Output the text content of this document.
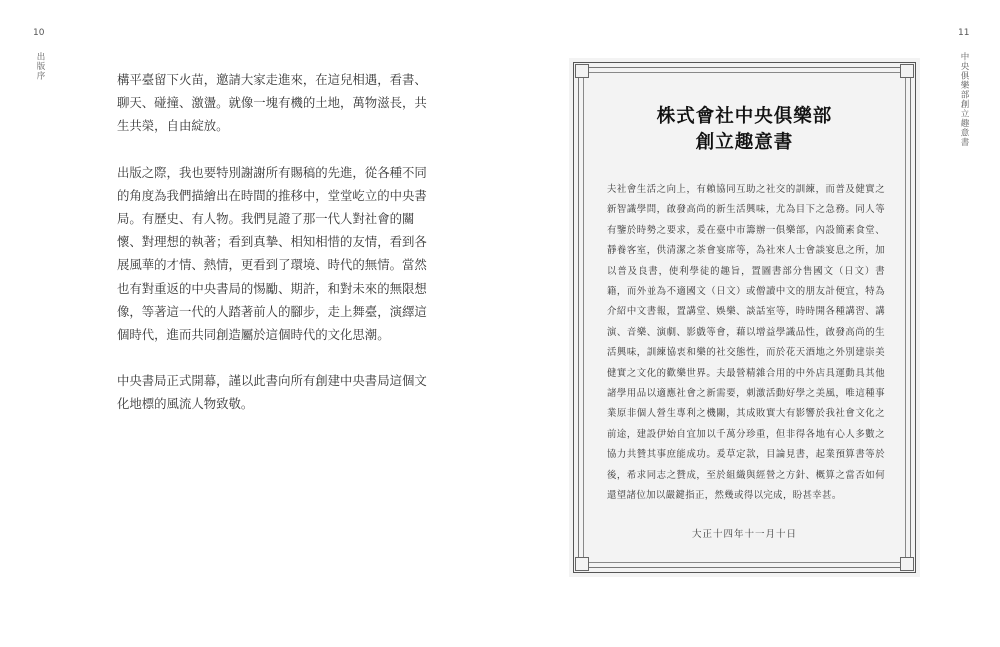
10
出版序	構平臺留下火苗，邀請大家走進來，在這兒相遇，看書、聊天、碰撞、激盪。就像一塊有機的土地，萬物滋長，共生共榮，自由綻放。

出版之際，我也要特別謝謝所有賜稿的先進，從各種不同的角度為我們描繪出在時間的推移中，堂堂屹立的中央書局。有歷史、有人物。我們見證了那一代人對社會的關懷、對理想的執著；看到真摯、相知相惜的友情，看到各展風華的才情、熱情，更看到了環境、時代的無情。當然也有對重返的中央書局的惕勵、期許，和對未來的無限想像，等著這一代的人踏著前人的腳步，走上舞臺，演繹這個時代，進而共同創造屬於這個時代的文化思潮。

中央書局正式開幕，謹以此書向所有創建中央書局這個文化地標的風流人物致敬。

11
中央俱樂部創立趣意書
株式會社中央俱樂部
創立趣意書
夫社會生活之向上，有賴協同互助之社交的訓練，而普及健實之新智識學問，啟發高尚的新生活興味，尤為目下之急務。同人等有鑒於時勢之要求，爰在臺中市籌辦一俱樂部，內設簡素食堂、靜養客室，供清潔之茶會宴席等，為社來人士會談宴息之所，加以普及良書，使利學徒的趣旨，置圖書部分售國文（日文）書籍，而外並為不適國文（日文）或僧讀中文的朋友計便宜，特為介紹中文書報，置講堂、娛樂、談話室等，時時開各種講習、講演、音樂、演劇、影戲等會，藉以增益學識品性，啟發高尚的生活興味，訓練協衷和樂的社交態性，而於花天酒地之外別建崇美健實之文化的歡樂世界。夫最營精雜合用的中外店具運動具其他諸學用品以適應社會之新需要，刺激活動好學之美風，唯這種事業原非個人營生專利之機關，其成敗實大有影響於我社會文化之前途，建設伊始自宜加以千萬分珍重，但非得各地有心人多數之協力共贊其事庶能成功。爰草定款，目論見書，起業預算書等於後，希求同志之贊成，至於組織與經營之方針、概算之當否如何還望諸位加以嚴鍵指正，然幾或得以完成，盼甚幸甚。
大正十四年十一月十日
